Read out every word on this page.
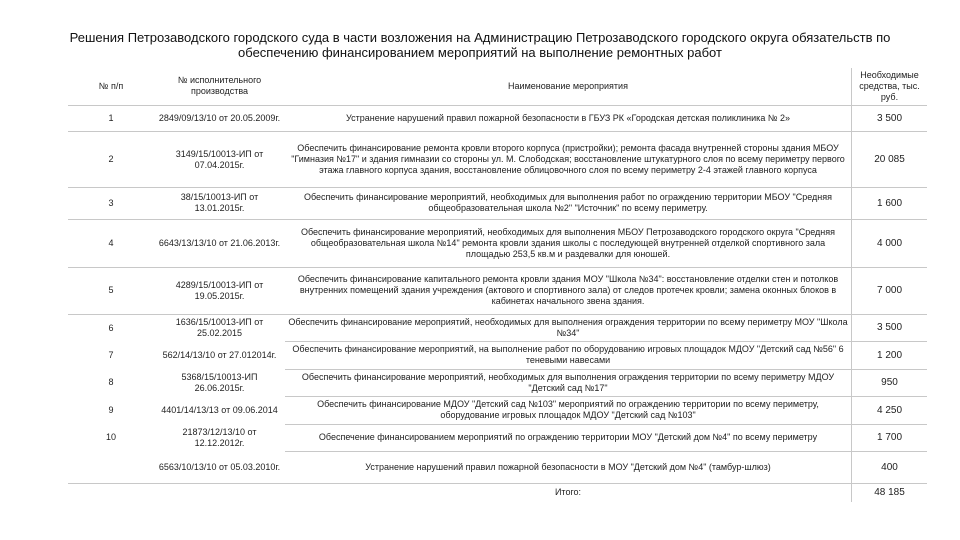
Решения Петрозаводского городского суда в части возложения на Администрацию Петрозаводского городского округа обязательств по обеспечению финансированием мероприятий на выполнение ремонтных работ
№ п/п	№ исполнительного производства	Наименование мероприятия	Необходимые средства, тыс. руб.
1	2849/09/13/10 от 20.05.2009г.	Устранение нарушений правил пожарной безопасности в ГБУЗ РК «Городская детская поликлиника № 2»	3 500
2	3149/15/10013-ИП от 07.04.2015г.	Обеспечить финансирование ремонта кровли второго корпуса (пристройки); ремонта фасада внутренней стороны здания МБОУ "Гимназия №17" и здания гимназии со стороны ул. М. Слободская; восстановление штукатурного слоя по всему периметру первого этажа главного корпуса здания, восстановление облицовочного слоя по всему периметру 2-4 этажей главного корпуса	20 085
3	38/15/10013-ИП от 13.01.2015г.	Обеспечить финансирование мероприятий, необходимых для выполнения работ по ограждению территории МБОУ "Средняя общеобразовательная школа №2" "Источник" по всему периметру.	1 600
4	6643/13/13/10 от 21.06.2013г.	Обеспечить финансирование мероприятий, необходимых для выполнения МБОУ Петрозаводского городского округа "Средняя общеобразовательная школа №14" ремонта кровли здания школы с последующей внутренней отделкой спортивного зала площадью 253,5 кв.м и раздевалки для юношей.	4 000
5	4289/15/10013-ИП от 19.05.2015г.	Обеспечить финансирование капитального ремонта кровли здания МОУ "Школа №34": восстановление отделки стен и потолков внутренних помещений здания учреждения (актового и спортивного зала) от следов протечек кровли; замена оконных блоков в кабинетах начального звена здания.	7 000
6	1636/15/10013-ИП от 25.02.2015	Обеспечить финансирование мероприятий, необходимых для выполнения ограждения территории по всему периметру МОУ "Школа №34"	3 500
7	562/14/13/10 от 27.012014г.	Обеспечить финансирование мероприятий, на выполнение работ по оборудованию игровых площадок МДОУ "Детский сад №56" 6 теневыми навесами	1 200
8	5368/15/10013-ИП 26.06.2015г.	Обеспечить финансирование мероприятий, необходимых для выполнения ограждения территории по всему периметру МДОУ "Детский сад №17"	950
9	4401/14/13/13 от 09.06.2014	Обеспечить финансирование МДОУ "Детский сад №103" мероприятий по ограждению территории по всему периметру, оборудование игровых площадок МДОУ "Детский сад №103"	4 250
10	21873/12/13/10 от 12.12.2012г.	Обеспечение финансированием мероприятий по ограждению территории МОУ "Детский дом №4" по всему периметру	1 700
	6563/10/13/10 от 05.03.2010г.	Устранение нарушений правил пожарной безопасности в МОУ "Детский дом №4" (тамбур-шлюз)	400
		Итого:	48 185
